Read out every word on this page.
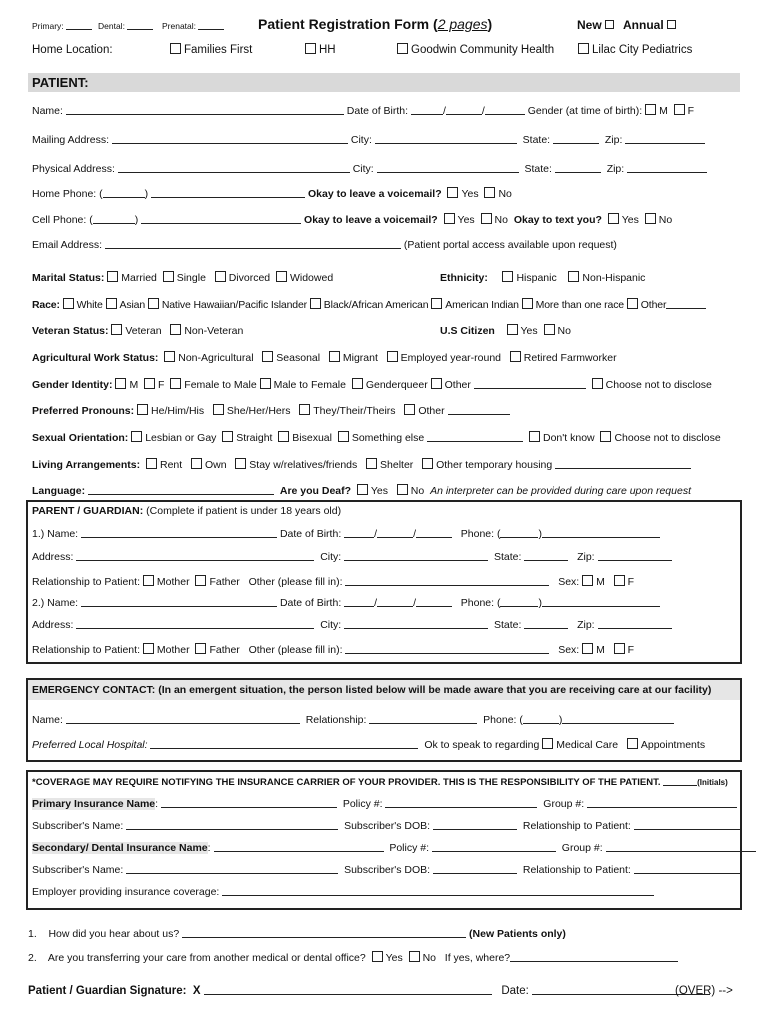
Primary:	Dental:	Prenatal:	Patient Registration Form (2 pages)	New	Annual
Home Location:	Families First	HH	Goodwin Community Health	Lilac City Pediatrics
PATIENT:
Name:	Date of Birth:	/	/	Gender (at time of birth): M F
Mailing Address:	City:	State:	Zip:
Physical Address:	City:	State:	Zip:
Home Phone: (	)	Okay to leave a voicemail? Yes No
Cell Phone: (	)	Okay to leave a voicemail? Yes No Okay to text you? Yes No
Email Address:	(Patient portal access available upon request)
Marital Status: Married Single Divorced Widowed	Ethnicity:	Hispanic Non-Hispanic
Race: White Asian Native Hawaiian/Pacific Islander Black/African American American Indian More than one race Other
Veteran Status: Veteran Non-Veteran	U.S Citizen Yes No
Agricultural Work Status: Non-Agricultural Seasonal Migrant Employed year-round Retired Farmworker
Gender Identity: M F Female to Male Male to Female Genderqueer Other	Choose not to disclose
Preferred Pronouns: He/Him/His She/Her/Hers They/Their/Theirs Other
Sexual Orientation: Lesbian or Gay Straight Bisexual Something else	Don't know Choose not to disclose
Living Arrangements: Rent Own Stay w/relatives/friends Shelter Other temporary housing
Language:	Are you Deaf? Yes No An interpreter can be provided during care upon request
PARENT / GUARDIAN: (Complete if patient is under 18 years old)
1.) Name:	Date of Birth:	/	/	Phone: (	)
Address:	City:	State:	Zip:
Relationship to Patient: Mother Father Other (please fill in):	Sex: M F
2.) Name:	Date of Birth:	/	/	Phone: (	)
Address:	City:	State:	Zip:
Relationship to Patient: Mother Father Other (please fill in):	Sex: M F
EMERGENCY CONTACT: (In an emergent situation, the person listed below will be made aware that you are receiving care at our facility)
Name:	Relationship:	Phone: (	)
Preferred Local Hospital:	Ok to speak to regarding Medical Care Appointments
*COVERAGE MAY REQUIRE NOTIFYING THE INSURANCE CARRIER OF YOUR PROVIDER. THIS IS THE RESPONSIBILITY OF THE PATIENT.	(Initials)
Primary Insurance Name:	Policy #:	Group #:
Subscriber's Name:	Subscriber's DOB:	Relationship to Patient:
Secondary/ Dental Insurance Name:	Policy #:	Group #:
Subscriber's Name:	Subscriber's DOB:	Relationship to Patient:
Employer providing insurance coverage:
1. How did you hear about us?	(New Patients only)
2. Are you transferring your care from another medical or dental office? Yes No If yes, where?
Patient / Guardian Signature: X	Date:	(OVER) -->
